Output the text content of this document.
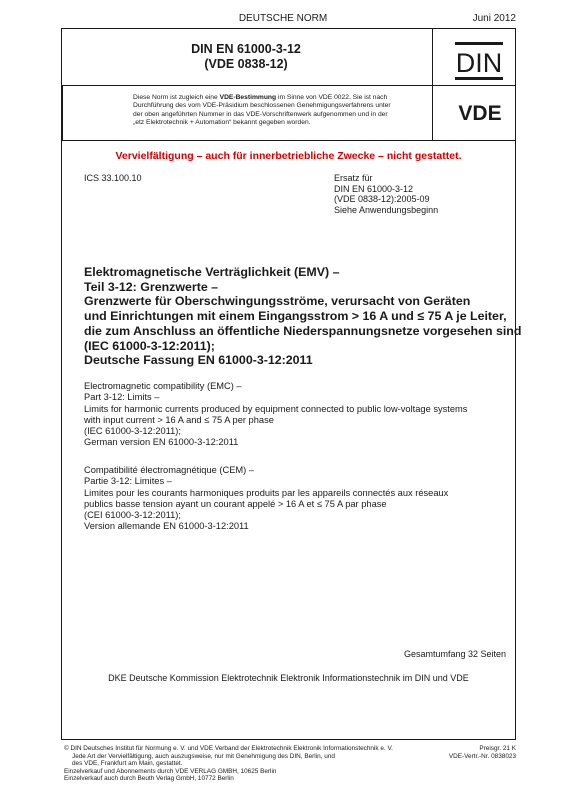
DEUTSCHE NORM	Juni 2012
DIN EN 61000-3-12
(VDE 0838-12)	DIN
Diese Norm ist zugleich eine VDE-Bestimmung im Sinne von VDE 0022. Sie ist nach
Durchführung des vom VDE-Präsidium beschlossenen Genehmigungsverfahrens unter
der oben angeführten Nummer in das VDE-Vorschriftenwerk aufgenommen und in der
„etz Elektrotechnik + Automation“ bekannt gegeben worden.	VDE
Vervielfältigung – auch für innerbetriebliche Zwecke – nicht gestattet.
ICS 33.100.10	Ersatz für
DIN EN 61000-3-12
(VDE 0838-12):2005-09
Siehe Anwendungsbeginn
Elektromagnetische Verträglichkeit (EMV) –
Teil 3-12: Grenzwerte –
Grenzwerte für Oberschwingungsströme, verursacht von Geräten
und Einrichtungen mit einem Eingangsstrom > 16 A und ≤ 75 A je Leiter,
die zum Anschluss an öffentliche Niederspannungsnetze vorgesehen sind
(IEC 61000-3-12:2011);
Deutsche Fassung EN 61000-3-12:2011
Electromagnetic compatibility (EMC) –
Part 3-12: Limits –
Limits for harmonic currents produced by equipment connected to public low-voltage systems
with input current > 16 A and ≤ 75 A per phase
(IEC 61000-3-12:2011);
German version EN 61000-3-12:2011
Compatibilité électromagnétique (CEM) –
Partie 3-12: Limites –
Limites pour les courants harmoniques produits par les appareils connectés aux réseaux
publics basse tension ayant un courant appelé > 16 A et ≤ 75 A par phase
(CEI 61000-3-12:2011);
Version allemande EN 61000-3-12:2011
Gesamtumfang 32 Seiten
DKE Deutsche Kommission Elektrotechnik Elektronik Informationstechnik im DIN und VDE
© DIN Deutsches Institut für Normung e. V. und VDE Verband der Elektrotechnik Elektronik Informationstechnik e. V.
Jede Art der Vervielfältigung, auch auszugsweise, nur mit Genehmigung des DIN, Berlin, und
des VDE, Frankfurt am Main, gestattet.
Einzelverkauf und Abonnements durch VDE VERLAG GMBH, 10625 Berlin
Einzelverkauf auch durch Beuth Verlag GmbH, 10772 Berlin
Preisgr. 21 K
VDE-Vertr.-Nr. 0838023
